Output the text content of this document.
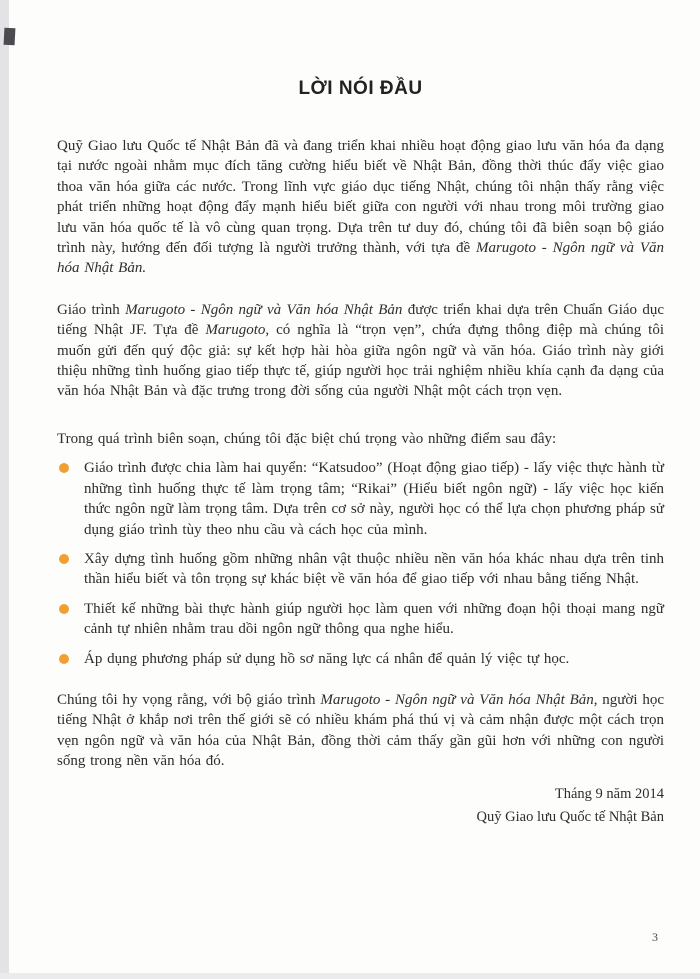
LỜI NÓI ĐẦU

Quỹ Giao lưu Quốc tế Nhật Bản đã và đang triển khai nhiều hoạt động giao lưu văn hóa đa dạng tại nước ngoài nhằm mục đích tăng cường hiểu biết về Nhật Bản, đồng thời thúc đẩy việc giao thoa văn hóa giữa các nước. Trong lĩnh vực giáo dục tiếng Nhật, chúng tôi nhận thấy rằng việc phát triển những hoạt động đẩy mạnh hiểu biết giữa con người với nhau trong môi trường giao lưu văn hóa quốc tế là vô cùng quan trọng. Dựa trên tư duy đó, chúng tôi đã biên soạn bộ giáo trình này, hướng đến đối tượng là người trưởng thành, với tựa đề Marugoto - Ngôn ngữ và Văn hóa Nhật Bản.

Giáo trình Marugoto - Ngôn ngữ và Văn hóa Nhật Bản được triển khai dựa trên Chuẩn Giáo dục tiếng Nhật JF. Tựa đề Marugoto, có nghĩa là “trọn vẹn”, chứa đựng thông điệp mà chúng tôi muốn gửi đến quý độc giả: sự kết hợp hài hòa giữa ngôn ngữ và văn hóa. Giáo trình này giới thiệu những tình huống giao tiếp thực tế, giúp người học trải nghiệm nhiều khía cạnh đa dạng của văn hóa Nhật Bản và đặc trưng trong đời sống của người Nhật một cách trọn vẹn.

Trong quá trình biên soạn, chúng tôi đặc biệt chú trọng vào những điểm sau đây:

Giáo trình được chia làm hai quyển: “Katsudoo” (Hoạt động giao tiếp) - lấy việc thực hành từ những tình huống thực tế làm trọng tâm; “Rikai” (Hiểu biết ngôn ngữ) - lấy việc học kiến thức ngôn ngữ làm trọng tâm. Dựa trên cơ sở này, người học có thể lựa chọn phương pháp sử dụng giáo trình tùy theo nhu cầu và cách học của mình.
Xây dựng tình huống gồm những nhân vật thuộc nhiều nền văn hóa khác nhau dựa trên tinh thần hiểu biết và tôn trọng sự khác biệt về văn hóa để giao tiếp với nhau bằng tiếng Nhật.
Thiết kế những bài thực hành giúp người học làm quen với những đoạn hội thoại mang ngữ cảnh tự nhiên nhằm trau dồi ngôn ngữ thông qua nghe hiểu.
Áp dụng phương pháp sử dụng hồ sơ năng lực cá nhân để quản lý việc tự học.

Chúng tôi hy vọng rằng, với bộ giáo trình Marugoto - Ngôn ngữ và Văn hóa Nhật Bản, người học tiếng Nhật ở khắp nơi trên thế giới sẽ có nhiều khám phá thú vị và cảm nhận được một cách trọn vẹn ngôn ngữ và văn hóa của Nhật Bản, đồng thời cảm thấy gần gũi hơn với những con người sống trong nền văn hóa đó.

Tháng 9 năm 2014
Quỹ Giao lưu Quốc tế Nhật Bản
3
